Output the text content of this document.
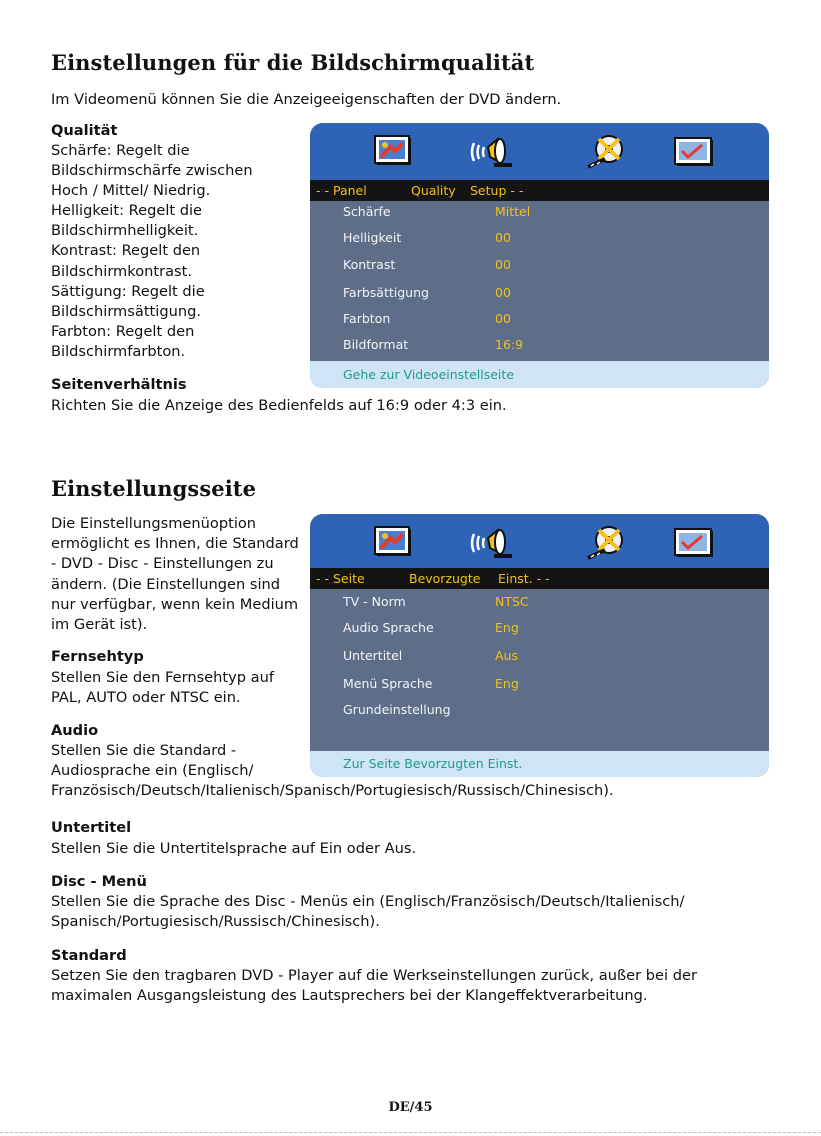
Einstellungen für die Bildschirmqualität
Im Videomenü können Sie die Anzeigeeigenschaften der DVD ändern.
Qualität
Schärfe: Regelt die
Bildschirmschärfe zwischen
Hoch / Mittel/ Niedrig.
Helligkeit: Regelt die
Bildschirmhelligkeit.
Kontrast: Regelt den
Bildschirmkontrast.
Sättigung: Regelt die
Bildschirmsättigung.
Farbton: Regelt den
Bildschirmfarbton.
Seitenverhältnis
Richten Sie die Anzeige des Bedienfelds auf 16:9 oder 4:3 ein.

- - Panel

	Quality

Setup - -

Schärfe	Mittel
Helligkeit	00
Kontrast	00
Farbsättigung	00
Farbton	00
Bildformat	16:9
Gehe zur Videoeinstellseite
Einstellungsseite
Die Einstellungsmenüoption
ermöglicht es Ihnen, die Standard
- DVD - Disc - Einstellungen zu
ändern. (Die Einstellungen sind
nur verfügbar, wenn kein Medium
im Gerät ist).
Fernsehtyp
Stellen Sie den Fernsehtyp auf
PAL, AUTO oder NTSC ein.
Audio
Stellen Sie die Standard -
Audiosprache ein (Englisch/
Französisch/Deutsch/Italienisch/Spanisch/Portugiesisch/Russisch/Chinesisch).
Untertitel
Stellen Sie die Untertitelsprache auf Ein oder Aus.
Disc - Menü
Stellen Sie die Sprache des Disc - Menüs ein (Englisch/Französisch/Deutsch/Italienisch/
Spanisch/Portugiesisch/Russisch/Chinesisch).
Standard
Setzen Sie den tragbaren DVD - Player auf die Werkseinstellungen zurück, außer bei der
maximalen Ausgangsleistung des Lautsprechers bei der Klangeffektverarbeitung.

- - Seite

	Bevorzugte

Einst. - -

TV - Norm	NTSC
Audio Sprache	Eng
Untertitel	Aus
Menü Sprache	Eng
Grundeinstellung
Zur Seite Bevorzugten Einst.
DE/45
